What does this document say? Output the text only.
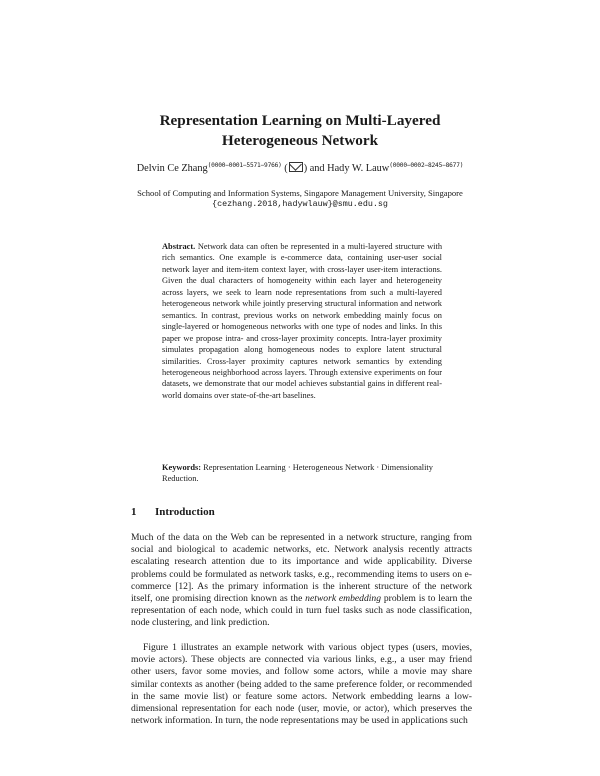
Representation Learning on Multi-Layered
Heterogeneous Network
Delvin Ce Zhang$^{(0000-0001-5571-9766)}$ ( ) and Hady W. Lauw$^{(0000-0002-8245-8677)}$
School of Computing and Information Systems, Singapore Management University, Singapore
{cezhang.2018,hadywlauw}@smu.edu.sg
Abstract. Network data can often be represented in a multi-layered structure with rich semantics. One example is e-commerce data, containing user-user social network layer and item-item context layer, with cross-layer user-item interactions. Given the dual characters of homogeneity within each layer and heterogeneity across layers, we seek to learn node representations from such a multi-layered heterogeneous network while jointly preserving structural information and network semantics. In contrast, previous works on network embedding mainly focus on single-layered or homogeneous networks with one type of nodes and links. In this paper we propose intra- and cross-layer proximity concepts. Intra-layer proximity simulates propagation along homogeneous nodes to explore latent structural similarities. Cross-layer proximity captures network semantics by extending heterogeneous neighborhood across layers. Through extensive experiments on four datasets, we demonstrate that our model achieves substantial gains in different real-world domains over state-of-the-art baselines.
Keywords: Representation Learning · Heterogeneous Network · Dimensionality Reduction.
1 Introduction
Much of the data on the Web can be represented in a network structure, ranging from social and biological to academic networks, etc. Network analysis recently attracts escalating research attention due to its importance and wide applicability. Diverse problems could be formulated as network tasks, e.g., recommending items to users on e-commerce [12]. As the primary information is the inherent structure of the network itself, one promising direction known as the network embedding problem is to learn the representation of each node, which could in turn fuel tasks such as node classification, node clustering, and link prediction.
Figure 1 illustrates an example network with various object types (users, movies, movie actors). These objects are connected via various links, e.g., a user may friend other users, favor some movies, and follow some actors, while a movie may share similar contexts as another (being added to the same preference folder, or recommended in the same movie list) or feature some actors. Network embedding learns a low-dimensional representation for each node (user, movie, or actor), which preserves the network information. In turn, the node representations may be used in applications such
